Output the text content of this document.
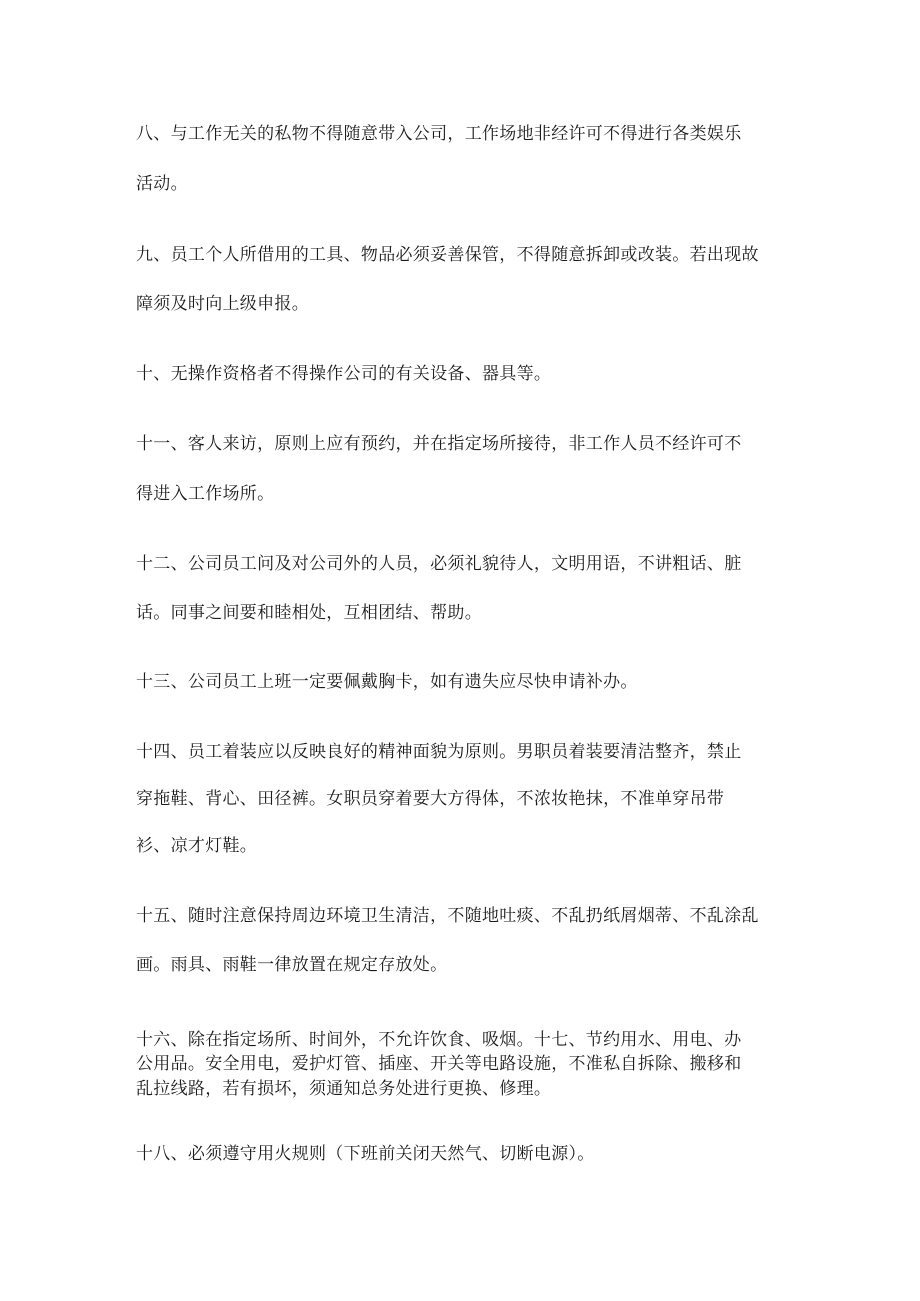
八、与工作无关的私物不得随意带入公司，工作场地非经许可不得进行各类娱乐
活动。
九、员工个人所借用的工具、物品必须妥善保管，不得随意拆卸或改装。若出现故
障须及时向上级申报。
十、无操作资格者不得操作公司的有关设备、器具等。
十一、客人来访，原则上应有预约，并在指定场所接待，非工作人员不经许可不
得进入工作场所。
十二、公司员工问及对公司外的人员，必须礼貌待人，文明用语，不讲粗话、脏
话。同事之间要和睦相处，互相团结、帮助。
十三、公司员工上班一定要佩戴胸卡，如有遗失应尽快申请补办。
十四、员工着装应以反映良好的精神面貌为原则。男职员着装要清洁整齐，禁止
穿拖鞋、背心、田径裤。女职员穿着要大方得体，不浓妆艳抹，不准单穿吊带
衫、凉才灯鞋。
十五、随时注意保持周边环境卫生清洁，不随地吐痰、不乱扔纸屑烟蒂、不乱涂乱
画。雨具、雨鞋一律放置在规定存放处。
十六、除在指定场所、时间外，不允许饮食、吸烟。十七、节约用水、用电、办
公用品。安全用电，爱护灯管、插座、开关等电路设施，不准私自拆除、搬移和
乱拉线路，若有损坏，须通知总务处进行更换、修理。
十八、必须遵守用火规则（下班前关闭天然气、切断电源）。
